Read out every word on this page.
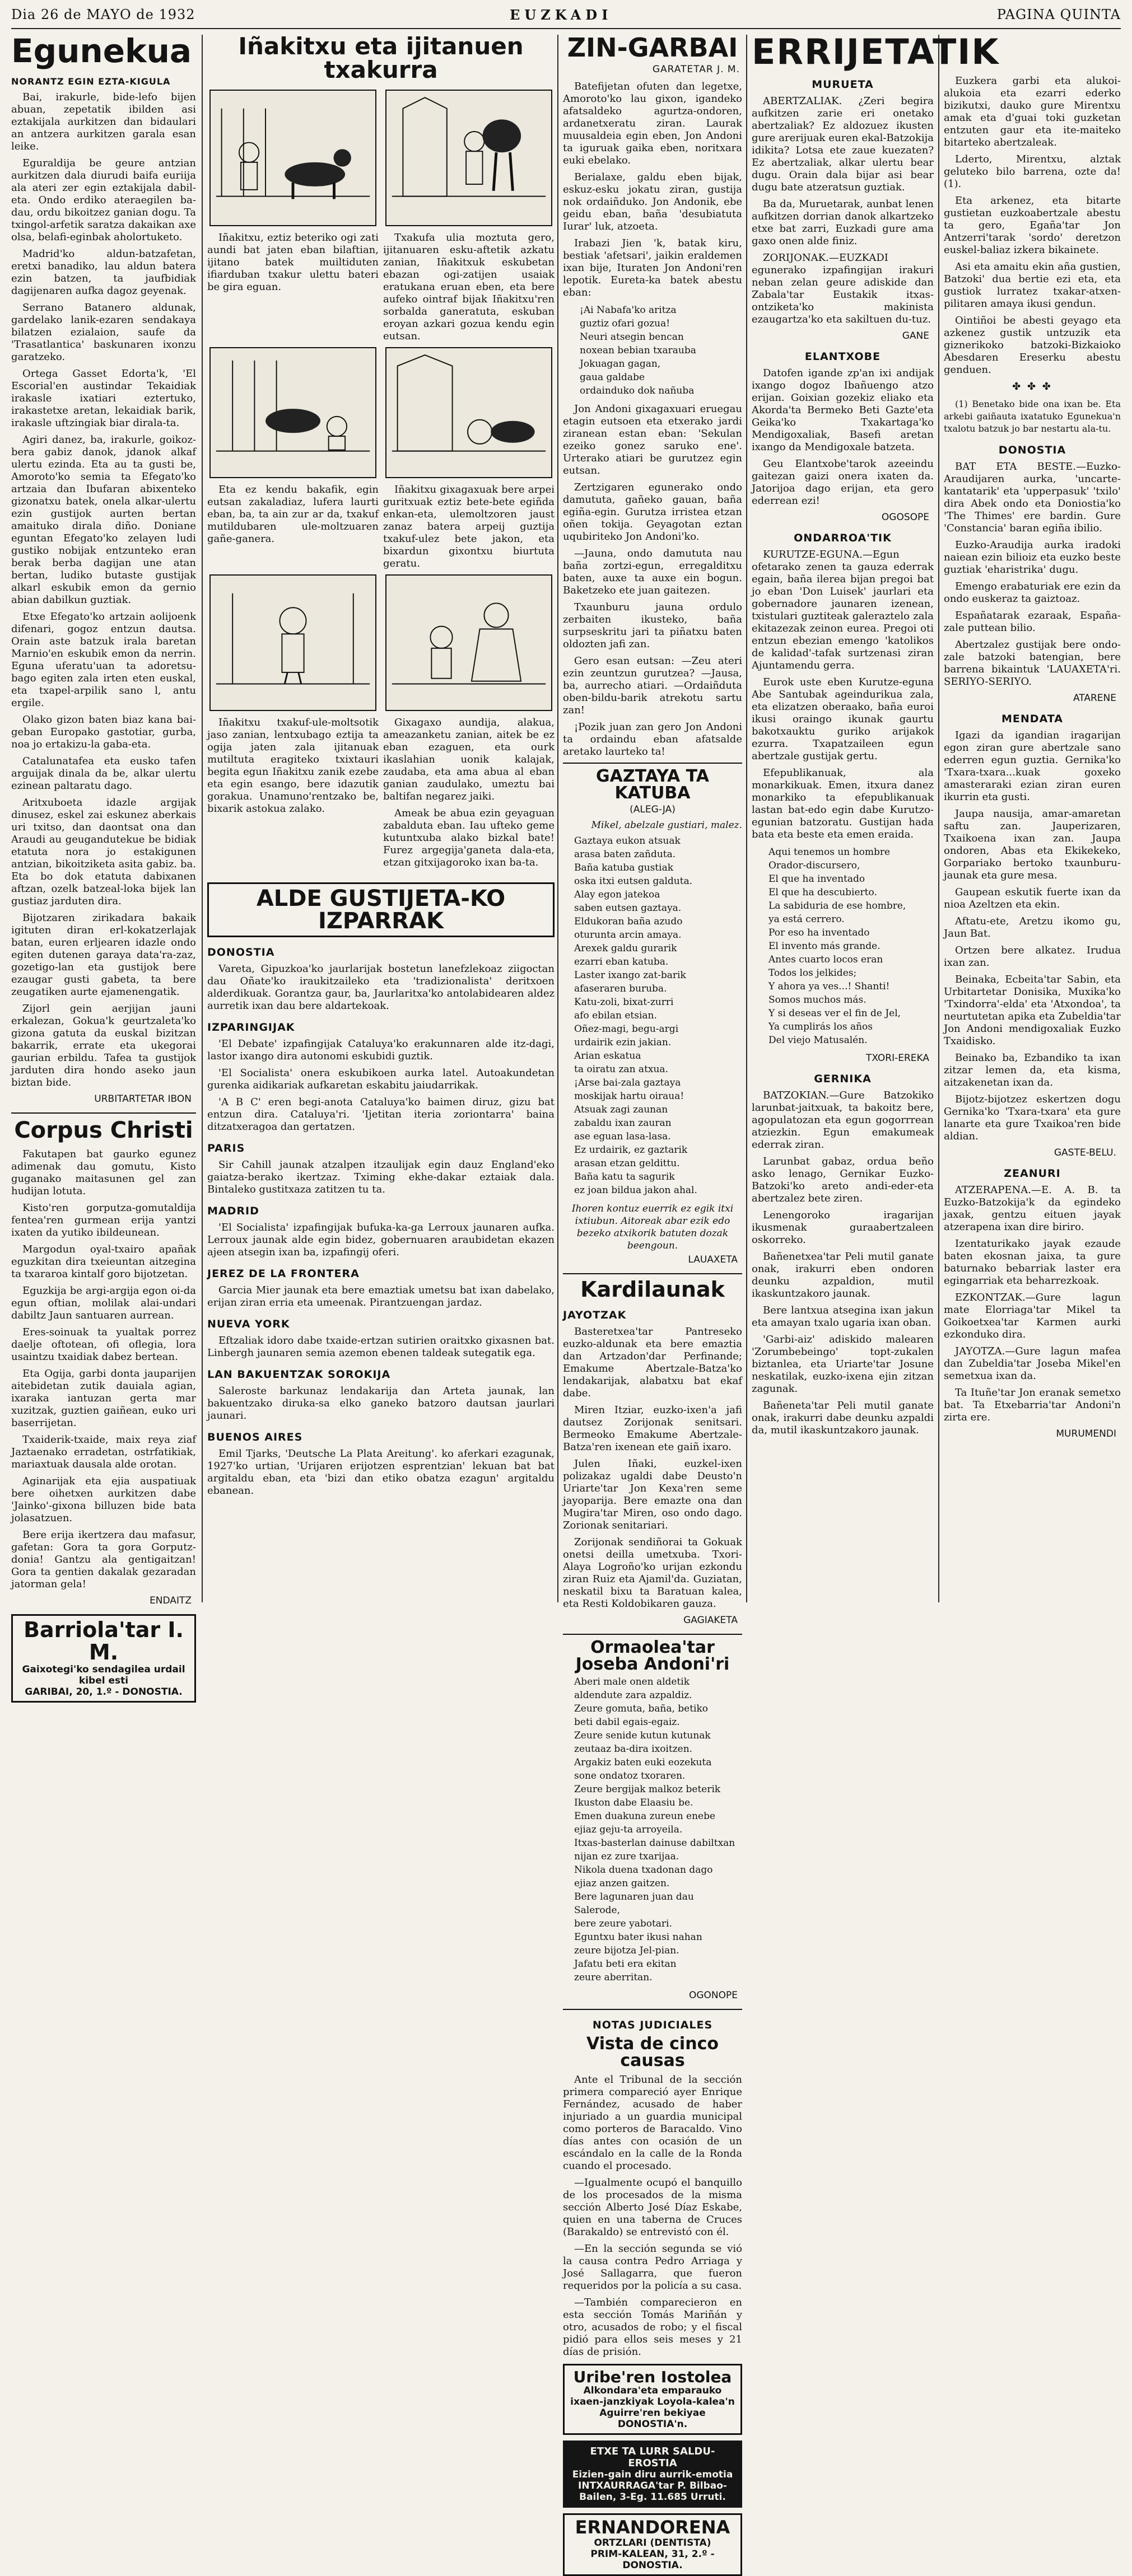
Dia 26 de MAYO de 1932	EUZKADI	PAGINA QUINTA
Egunekua
NORANTZ EGIN EZTA-KIGULA

Bai, irakurle, bide-lefo bijen abuan, zepetatik ibilden asi eztakijala aurkitzen dan bidaulari an antzera aurkitzen garala esan leike.

Eguraldija be geure antzian aurkitzen dala diurudi baifa euriija ala ateri zer egin eztakijala dabil-eta. Ondo erdiko ateraegilen ba-dau, ordu bikoitzez ganian dogu. Ta txingol-arfetik saratza dakaikan axe olsa, belafi-eginbak aholortuketo.

Madrid'ko aldun-batzafetan, eretxi banadiko, lau aldun batera ezin batzen, ta jaufbidiak dagijenaren aufka dagoz geyenak.

Serrano Batanero aldunak, gardelako lanik-ezaren sendakaya bilatzen ezialaion, saufe da 'Trasatlantica' baskunaren ixonzu garatzeko.

Ortega Gasset Edorta'k, 'El Escorial'en austindar Tekaidiak irakasle ixatiari eztertuko, irakastetxe aretan, lekaidiak barik, irakasle uftzingiak biar dirala-ta.

Agiri danez, ba, irakurle, goikoz-bera gabiz danok, jdanok alkaf ulertu ezinda. Eta au ta gusti be, Amoroto'ko semia ta Efegato'ko artzaia dan Ibufaran abixenteko gizonatxu batek, onela alkar-ulertu ezin gustijok aurten bertan amaituko dirala diño. Doniane eguntan Efegato'ko zelayen ludi gustiko nobijak entzunteko eran berak berba dagijan une atan bertan, ludiko butaste gustijak alkarl eskubik emon da gernio abian dabilkun guztiak.

Etxe Efegato'ko artzain aolijoenk difenari, gogoz entzun dautsa. Orain aste batzuk irala baretan Marnio'en eskubik emon da nerrin. Eguna uferatu'uan ta adoretsu-bago egiten zala irten eten euskal, eta txapel-arpilik sano l, antu ergile.

Olako gizon baten biaz kana bai-geban Europako gastotiar, gurba, noa jo ertakizu-la gaba-eta.

Catalunatafea eta eusko tafen arguijak dinala da be, alkar ulertu ezinean paltaratu dago.

Aritxuboeta idazle argijak dinusez, eskel zai eskunez aberkais uri txitso, dan daontsat ona dan Araudi au geugandutekue be bidiak etatuta nora jo estakigunen antzian, bikoitziketa asita gabiz. ba. Eta bo dok etatuta dabixanen aftzan, ozelk batzeal-loka bijek lan gustiaz jarduten dira.

Bijotzaren zirikadara bakaik igituten diran erl-kokatzerlajak batan, euren erljearen idazle ondo egiten dutenen garaya data'ra-zaz, gozetigo-lan eta gustijok bere ezaugar gusti gabeta, ta bere zeugatiken aurte ejamenengatik.

Zijorl gein aerjijan jauni erkalezan, Gokua'k geurtzaleta'ko gizona gatuta da euskal bizitzan bakarrik, errate eta ukegorai gaurian erbildu. Tafea ta gustijok jarduten dira hondo aseko jaun biztan bide.

URBITARTETAR IBON
Corpus Christi

Fakutapen bat gaurko egunez adimenak dau gomutu, Kisto guganako maitasunen gel zan hudijan lotuta.

Kisto'ren gorputza-gomutaldija fentea'ren gurmean erija yantzi ixaten da yutiko ibildeunean.

Margodun oyal-txairo apañak eguzkitan dira txeieuntan aitzegina ta txararoa kintalf goro bijotzetan.

Eguzkija be argi-argija egon oi-da egun oftian, molilak alai-undari dabiltz Jaun santuaren aurrean.

Eres-soinuak ta yualtak porrez daelje oftotean, ofi oflegia, lora usaintzu txaidiak dabez bertean.

Eta Ogija, garbi donta jauparijen aitebidetan zutik dauiala agian, ixaraka iantuzan gerta mar xuzitzak, guztien gaiñean, euko uri baserrijetan.

Txaiderik-txaide, maix reya ziaf Jaztaenako erradetan, ostrfatikiak, mariaxtuak dausala alde orotan.

Aginarijak eta ejia auspatiuak bere oihetxen aurkitzen dabe 'Jainko'-gixona billuzen bide bata jolasatzuen.

Bere erija ikertzera dau mafasur, gafetan: Gora ta gora Gorputz-donia! Gantzu ala gentigaitzan! Gora ta gentien dakalak gezaradan jatorman gela!

ENDAITZ
Barriola'tar I. M.
Gaixotegi'ko sendagilea urdail kibel esti
GARIBAI, 20, 1.º - DONOSTIA.
Iñakitxu eta ijitanuen txakurra

Iñakitxu, eztiz beteriko ogi zati aundi bat jaten eban bilaftian, ijitano batek muiltiduten ifiarduban txakur ulettu bateri be gira eguan.

Txakufa ulia moztuta gero, ijitanuaren esku-aftetik azkatu zanian, Iñakitxuk eskubetan ebazan ogi-zatijen usaiak eratukana eruan eben, eta bere aufeko ointraf bijak Iñakitxu'ren sorbalda ganeratuta, eskuban eroyan azkari gozua kendu egin eutsan.

Eta ez kendu bakafik, egin eutsan zakaladiaz, lufera laurti eban, ba, ta ain zur ar da, txakuf mutildubaren ule-moltzuaren gañe-ganera.

Iñakitxu gixagaxuak bere arpei guritxuak eztiz bete-bete egiñda enkan-eta, ulemoltzoren jaust zanaz batera arpeij guztija txakuf-ulez bete jakon, eta bixardun gixontxu biurtuta geratu.

Iñakitxu txakuf-ule-moltsotik jaso zanian, lentxubago eztija ta ogija jaten zala ijitanuak mutiltuta eragiteko txixtauri begita egun Iñakitxu zanik ezebe eta egin esango, bere idazutik gorakua. Unamuno'rentzako be, bixarik astokua zalako.

Gixagaxo aundija, alakua, ameazanketu zanian, aitek be ez eban ezaguen, eta ourk ikaslahian uonik kalajak, zaudaba, eta ama abua al eban ganian zaudulako, umeztu bai baltifan negarez jaiki.

Ameak be abua ezin geyaguan zabalduta eban. Iau ufteko geme kutuntxuba alako bizkal bate! Furez argegija'ganeta dala-eta, etzan gitxijagoroko ixan ba-ta.

ALDE GUSTIJETA-KO IZPARRAK
DONOSTIA

Vareta, Gipuzkoa'ko jaurlarijak bostetun lanefzlekoaz ziigoctan dau Oñate'ko iraukitzaileko eta 'tradizionalista' deritxoen alderdikuak. Gorantza gaur, ba, Jaurlaritxa'ko antolabidearen aldez aurretik ixan dau bere aldartekoak.

IZPARINGIJAK

'El Debate' izpafingijak Cataluya'ko erakunnaren alde itz-dagi, lastor ixango dira autonomi eskubidi guztik.

'El Socialista' onera eskubikoen aurka latel. Autoakundetan gurenka aidikariak aufkaretan eskabitu jaiudarrikak.

'A B C' eren begi-anota Cataluya'ko baimen diruz, gizu bat entzun dira. Cataluya'ri. 'Ijetitan iteria zoriontarra' baina ditzatxeragoa dan gertatzen.

PARIS

Sir Cahill jaunak atzalpen itzaulijak egin dauz England'eko gaiatza-berako ikertzaz. Tximing ekhe-dakar eztaiak dala. Bintaleko gustitxaza zatitzen tu ta.

MADRID

'El Socialista' izpafingijak bufuka-ka-ga Lerroux jaunaren aufka. Lerroux jaunak alde egin bidez, gobernuaren araubidetan ekazen ajeen atsegin ixan ba, izpafingij oferi.

JEREZ DE LA FRONTERA

Garcia Mier jaunak eta bere emaztiak umetsu bat ixan dabelako, erijan ziran erria eta umeenak. Pirantzuengan jardaz.

NUEVA YORK

Eftzaliak idoro dabe txaide-ertzan sutirien oraitxko gixasnen bat. Linbergh jaunaren semia azemon ebenen taldeak sutegatik ega.

LAN BAKUENTZAK SOROKIJA

Saleroste barkunaz lendakarija dan Arteta jaunak, lan bakuentzako diruka-sa elko ganeko batzoro dautsan jaurlari jaunari.

BUENOS AIRES

Emil Tjarks, 'Deutsche La Plata Areitung'. ko aferkari ezagunak, 1927'ko urtian, 'Urijaren erijotzen esprentzian' lekuan bat bat argitaldu eban, eta 'bizi dan etiko obatza ezagun' argitaldu ebanean.

ZIN-GARBAI
GARATETAR J. M.

Batefijetan ofuten dan legetxe, Amoroto'ko lau gixon, igandeko afatsaldeko agurtza-ondoren, ardanetxeratu ziran. Laurak muusaldeia egin eben, Jon Andoni ta iguruak gaika eben, noritxara euki ebelako.

Berialaxe, galdu eben bijak, eskuz-esku jokatu ziran, gustija nok ordaiñduko. Jon Andonik, ebe geidu eban, baña 'desubiatuta Iurar' luk, atzoeta.

Irabazi Jien 'k, batak kiru, bestiak 'afetsari', jaikin eraldemen ixan bije, Ituraten Jon Andoni'ren lepotik. Eureta-ka batek abestu eban:

¡Ai Nabafa'ko aritza
guztiz ofari gozua!
Neuri atsegin bencan
noxean bebian txarauba
Jokuagan gagan,
gaua galdabe
ordainduko dok nañuba

Jon Andoni gixagaxuari eruegau etagin eutsoen eta etxerako jardi ziranean estan eban: 'Sekulan ezeiko gonez saruko ene'. Urterako atiari be gurutzez egin eutsan.

Zertzigaren egunerako ondo damututa, gañeko gauan, baña egiña-egin. Gurutza irristea etzan oñen tokija. Geyagotan eztan uqubiriteko Jon Andoni'ko.

—Jauna, ondo damututa nau baña zortzi-egun, erregalditxu baten, auxe ta auxe ein bogun. Baketzeko ete juan gaitezen.

Txaunburu jauna ordulo zerbaiten ikusteko, baña surpseskritu jari ta piñatxu baten oldozten jafi zan.

Gero esan eutsan: —Zeu ateri ezin zeuntzun gurutzea? —Jausa, ba, aurrecho atiari. —Ordaiñduta oben-bildu-barik atrekotu sartu zan!

¡Pozik juan zan gero Jon Andoni ta ordaindu eban afatsalde aretako laurteko ta!

GAZTAYA TA KATUBA
(ALEG-JA)
Mikel, abelzale gustiari, malez.
Gaztaya eukon atsuak
arasa baten zañduta.
Baña katuba gustiak
oska itxi eutsen galduta.
Alay egon jatekoa
saben eutsen gaztaya.
Eldukoran baña azudo
oturunta arcin amaya.
Arexek galdu gurarik
ezarri eban katuba.
Laster ixango zat-barik
afaseraren buruba.
Katu-zoli, bixat-zurri
afo ebilan etsian.
Oñez-magi, begu-argi
urdairik ezin jakian.
Arian eskatua
ta oiratu zan atxua.
¡Arse bai-zala gaztaya
moskijak hartu oiraua!
Atsuak zagi zaunan
zabaldu ixan zauran
ase eguan lasa-lasa.
Ez urdairik, ez gaztarik
arasan etzan geldittu.
Baña katu ta sagurik
ez joan bildua jakon ahal.
Ihoren kontuz euerrik ez egik itxi ixtiubun. Aitoreak abar ezik edo bezeko atxikorik batuten dozak beengoun.
LAUAXETA
Kardilaunak
JAYOTZAK

Basteretxea'tar Pantreseko euzko-aldunak eta bere emaztia dan Artzadon'dar Perfinande; Emakume Abertzale-Batza'ko lendakarijak, alabatxu bat ekaf dabe.

Miren Itziar, euzko-ixen'a jafi dautsez Zorijonak senitsari. Bermeoko Emakume Abertzale-Batza'ren ixenean ete gaiñ ixaro.

Julen Iñaki, euzkel-ixen polizakaz ugaldi dabe Deusto'n Uriarte'tar Jon Kexa'ren seme jayoparija. Bere emazte ona dan Mugira'tar Miren, oso ondo dago. Zorionak senitariari.

Zorijonak sendiñorai ta Gokuak onetsi deilla umetxuba. Txori-Alaya Logroño'ko urijan ezkondu ziran Ruiz eta Ajamil'da. Guziatan, neskatil bixu ta Baratuan kalea, eta Resti Koldobikaren gauza.

GAGIAKETA
Ormaolea'tar Joseba Andoni'ri
Aberi male onen aldetik
aldendute zara azpaldiz.
Zeure gomuta, baña, betiko
beti dabil egais-egaiz.
Zeure senide kutun kutunak
zeutaaz ba-dira ixoitzen.
Argakiz baten euki eozekuta
sone ondatoz txoraren.
Zeure bergijak malkoz beterik
Ikuston dabe Elaasiu be.
Emen duakuna zureun enebe
ejiaz geju-ta arroyeila.
Itxas-basterlan dainuse dabiltxan
nijan ez zure txarijaa.
Nikola duena txadonan dago
ejiaz anzen gaitzen.
Bere lagunaren juan dau Salerode,
bere zeure yabotari.
Eguntxu bater ikusi nahan
zeure bijotza Jel-pian.
Jafatu beti era ekitan
zeure aberritan.
OGONOPE
NOTAS JUDICIALES
Vista de cinco causas

Ante el Tribunal de la sección primera compareció ayer Enrique Fernández, acusado de haber injuriado a un guardia municipal como porteros de Baracaldo. Vino días antes con ocasión de un escándalo en la calle de la Ronda cuando el procesado.

—Igualmente ocupó el banquillo de los procesados de la misma sección Alberto José Díaz Eskabe, quien en una taberna de Cruces (Barakaldo) se entrevistó con él.

—En la sección segunda se vió la causa contra Pedro Arriaga y José Sallagarra, que fueron requeridos por la policía a su casa.

—También comparecieron en esta sección Tomás Mariñán y otro, acusados de robo; y el fiscal pidió para ellos seis meses y 21 días de prisión.

Uribe'ren Iostolea
Alkondara'eta emparauko ixaen-janzkiyak Loyola-kalea'n Aguirre'ren bekiyae DONOSTIA'n.
ETXE TA LURR SALDU-EROSTIA
Eizien-gain diru aurrik-emotia
INTXAURRAGA'tar P. Bilbao-Bailen, 3-Eg. 11.685 Urruti.
ERNANDORENA
ORTZLARI (DENTISTA)
PRIM-KALEAN, 31, 2.º - DONOSTIA.
ERRIJETATIK
MURUETA

ABERTZALIAK. ¿Zeri begira aufkitzen zarie eri onetako abertzaliak? Ez aldozuez ikusten gure arerijuak euren ekal-Batzokija idikita? Lotsa ete zaue kuezaten? Ez abertzaliak, alkar ulertu bear dugu. Orain dala bijar asi bear dugu bate atzeratsun guztiak.

Ba da, Muruetarak, aunbat lenen aufkitzen dorrian danok alkartzeko etxe bat zarri, Euzkadi gure ama gaxo onen alde finiz.

ZORIJONAK.—EUZKADI egunerako izpafingijan irakuri neban zelan geure adiskide dan Zabala'tar Eustakik itxas-ontziketa'ko makinista ezaugartza'ko eta sakiltuen du-tuz.

GANE
ELANTXOBE

Datofen igande zp'an ixi andijak ixango dogoz Ibañuengo atzo erijan. Goixian gozekiz eliako eta Akorda'ta Bermeko Beti Gazte'eta Geika'ko Txakartaga'ko Mendigoxaliak, Basefi aretan ixango da Mendigoxale batzeta.

Geu Elantxobe'tarok azeeindu gaitezan gaizi onera ixaten da. Jatorijoa dago erijan, eta gero ederrean ezi!

OGOSOPE
ONDARROA'TIK

KURUTZE-EGUNA.—Egun ofetarako zenen ta gauza ederrak egain, baña ilerea bijan pregoi bat jo eban 'Don Luisek' jaurlari eta gobernadore jaunaren izenean, txistulari guztiteak galeraztelo zala ekitazezak zeinon eurea. Pregoi oti entzun ebezian emengo 'katolikos de kalidad'-tafak surtzenasi ziran Ajuntamendu gerra.

Eurok uste eben Kurutze-eguna Abe Santubak ageindurikua zala, eta elizatzen oberaako, baña euroi ikusi oraingo ikunak gaurtu bakotxauktu guriko arijakok ezurra. Txapatzaileen egun abertzale gustijak gertu.

Efepublikanuak, ala monarkikuak. Emen, itxura danez monarkiko ta efepublikanuak lastan bat-edo egin dabe Kurutzo-egunian batzoratu. Gustijan hada bata eta beste eta emen eraida.

Aqui tenemos un hombre
Orador-discursero,
El que ha inventado
El que ha descubierto.
La sabiduria de ese hombre,
ya está cerrero.
Por eso ha inventado
El invento más grande.
Antes cuarto locos eran
Todos los jelkides;
Y ahora ya ves...! Shanti!
Somos muchos más.
Y si deseas ver el fin de Jel,
Ya cumplirás los años
Del viejo Matusalén.
TXORI-EREKA
GERNIKA

BATZOKIAN.—Gure Batzokiko larunbat-jaitxuak, ta bakoitz bere, agopulatozan eta egun gogorrrean atziezkin. Egun emakumeak ederrak ziran.

Larunbat gabaz, ordua beño asko lenago, Gernikar Euzko-Batzoki'ko areto andi-eder-eta abertzalez bete ziren.

Lenengoroko iragarijan ikusmenak guraabertzaleen oskorreko.

Bañenetxea'tar Peli mutil ganate onak, irakurri eben ondoren deunku azpaldion, mutil ikaskuntzakoro jaunak.

Bere lantxua atsegina ixan jakun eta amayan txalo ugaria ixan oban.

'Garbi-aiz' adiskido malearen 'Zorumbebeingo' topt-zukalen biztanlea, eta Uriarte'tar Josune neskatilak, euzko-ixena ejin zitzan zagunak.

Bañeneta'tar Peli mutil ganate onak, irakurri dabe deunku azpaldi da, mutil ikaskuntzakoro jaunak.

Euzkera garbi eta alukoi-alukoia eta ezarri ederko bizikutxi, dauko gure Mirentxu amak eta d'guai toki guzketan entzuten gaur eta ite-maiteko bitarteko abertzaleak.

Lderto, Mirentxu, alztak geluteko bilo barrena, ozte da! (1).

Eta arkenez, eta bitarte gustietan euzkoabertzale abestu ta gero, Egaña'tar Jon Antzerri'tarak 'sordo' deretzon euskel-baliaz izkera bikainete.

Asi eta amaitu ekin aña gustien, Batzoki' dua bertie ezi eta, eta gustiok lurratez txakar-atxen-pilitaren amaya ikusi gendun.

Ointiñoi be abesti geyago eta azkenez gustik untzuzik eta giznerikoko batzoki-Bizkaioko Abesdaren Ereserku abestu genduen.

✤ ✤ ✤

(1) Benetako bide ona ixan be. Eta arkebi gaiñauta ixatatuko Egunekua'n txalotu batzuk jo bar nestartu ala-tu.

DONOSTIA

BAT ETA BESTE.—Euzko-Araudijaren aurka, 'uncarte-kantatarik' eta 'upperpasuk' 'txilo' dira Abek ondo eta Doniostia'ko 'The Thimes' ere bardin. Gure 'Constancia' baran egiña ibilio.

Euzko-Araudija aurka iradoki naiean ezin bilioiz eta euzko beste guztiak 'eharistrika' dugu.

Emengo erabaturiak ere ezin da ondo euskeraz ta gaiztoaz.

Españatarak ezaraak, España-zale puttean bilio.

Abertzalez gustijak bere ondo-zale batzoki batengian, bere barrena bikaintuk 'LAUAXETA'ri. SERIYO-SERIYO.

ATARENE
MENDATA

Igazi da igandian iragarijan egon ziran gure abertzale sano ederren egun guztia. Gernika'ko 'Txara-txara...kuak goxeko amasteraraki ezian ziran euren ikurrin eta gusti.

Jaupa nausija, amar-amaretan saftu zan. Jauperizaren, Txaikoena ixan zan. Jaupa ondoren, Abas eta Ekikekeko, Gorpariako bertoko txaunburu-jaunak eta gure mesa.

Gaupean eskutik fuerte ixan da nioa Azeltzen eta ekin.

Aftatu-ete, Aretzu ikomo gu, Jaun Bat.

Ortzen bere alkatez. Irudua ixan zan.

Beinaka, Ecbeita'tar Sabin, eta Urbitartetar Donisika, Muxika'ko 'Txindorra'-elda' eta 'Atxondoa', ta neurtutetan apika eta Zubeldia'tar Jon Andoni mendigoxaliak Euzko Txaidisko.

Beinako ba, Ezbandiko ta ixan zitzar lemen da, eta kisma, aitzakenetan ixan da.

Bijotz-bijotzez eskertzen dogu Gernika'ko 'Txara-txara' eta gure lanarte eta gure Txaikoa'ren bide aldian.

GASTE-BELU.
ZEANURI

ATZERAPENA.—E. A. B. ta Euzko-Batzokija'k da egindeko jaxak, gentzu eituen jayak atzerapena ixan dire biriro.

Izentaturikako jayak ezaude baten ekosnan jaixa, ta gure baturnako bebarriak laster era egingarriak eta beharrezkoak.

EZKONTZAK.—Gure lagun mate Elorriaga'tar Mikel ta Goikoetxea'tar Karmen aurki ezkonduko dira.

JAYOTZA.—Gure lagun mafea dan Zubeldia'tar Joseba Mikel'en semetxua ixan da.

Ta Ituñe'tar Jon eranak semetxo bat. Ta Etxebarria'tar Andoni'n zirta ere.

MURUMENDI
